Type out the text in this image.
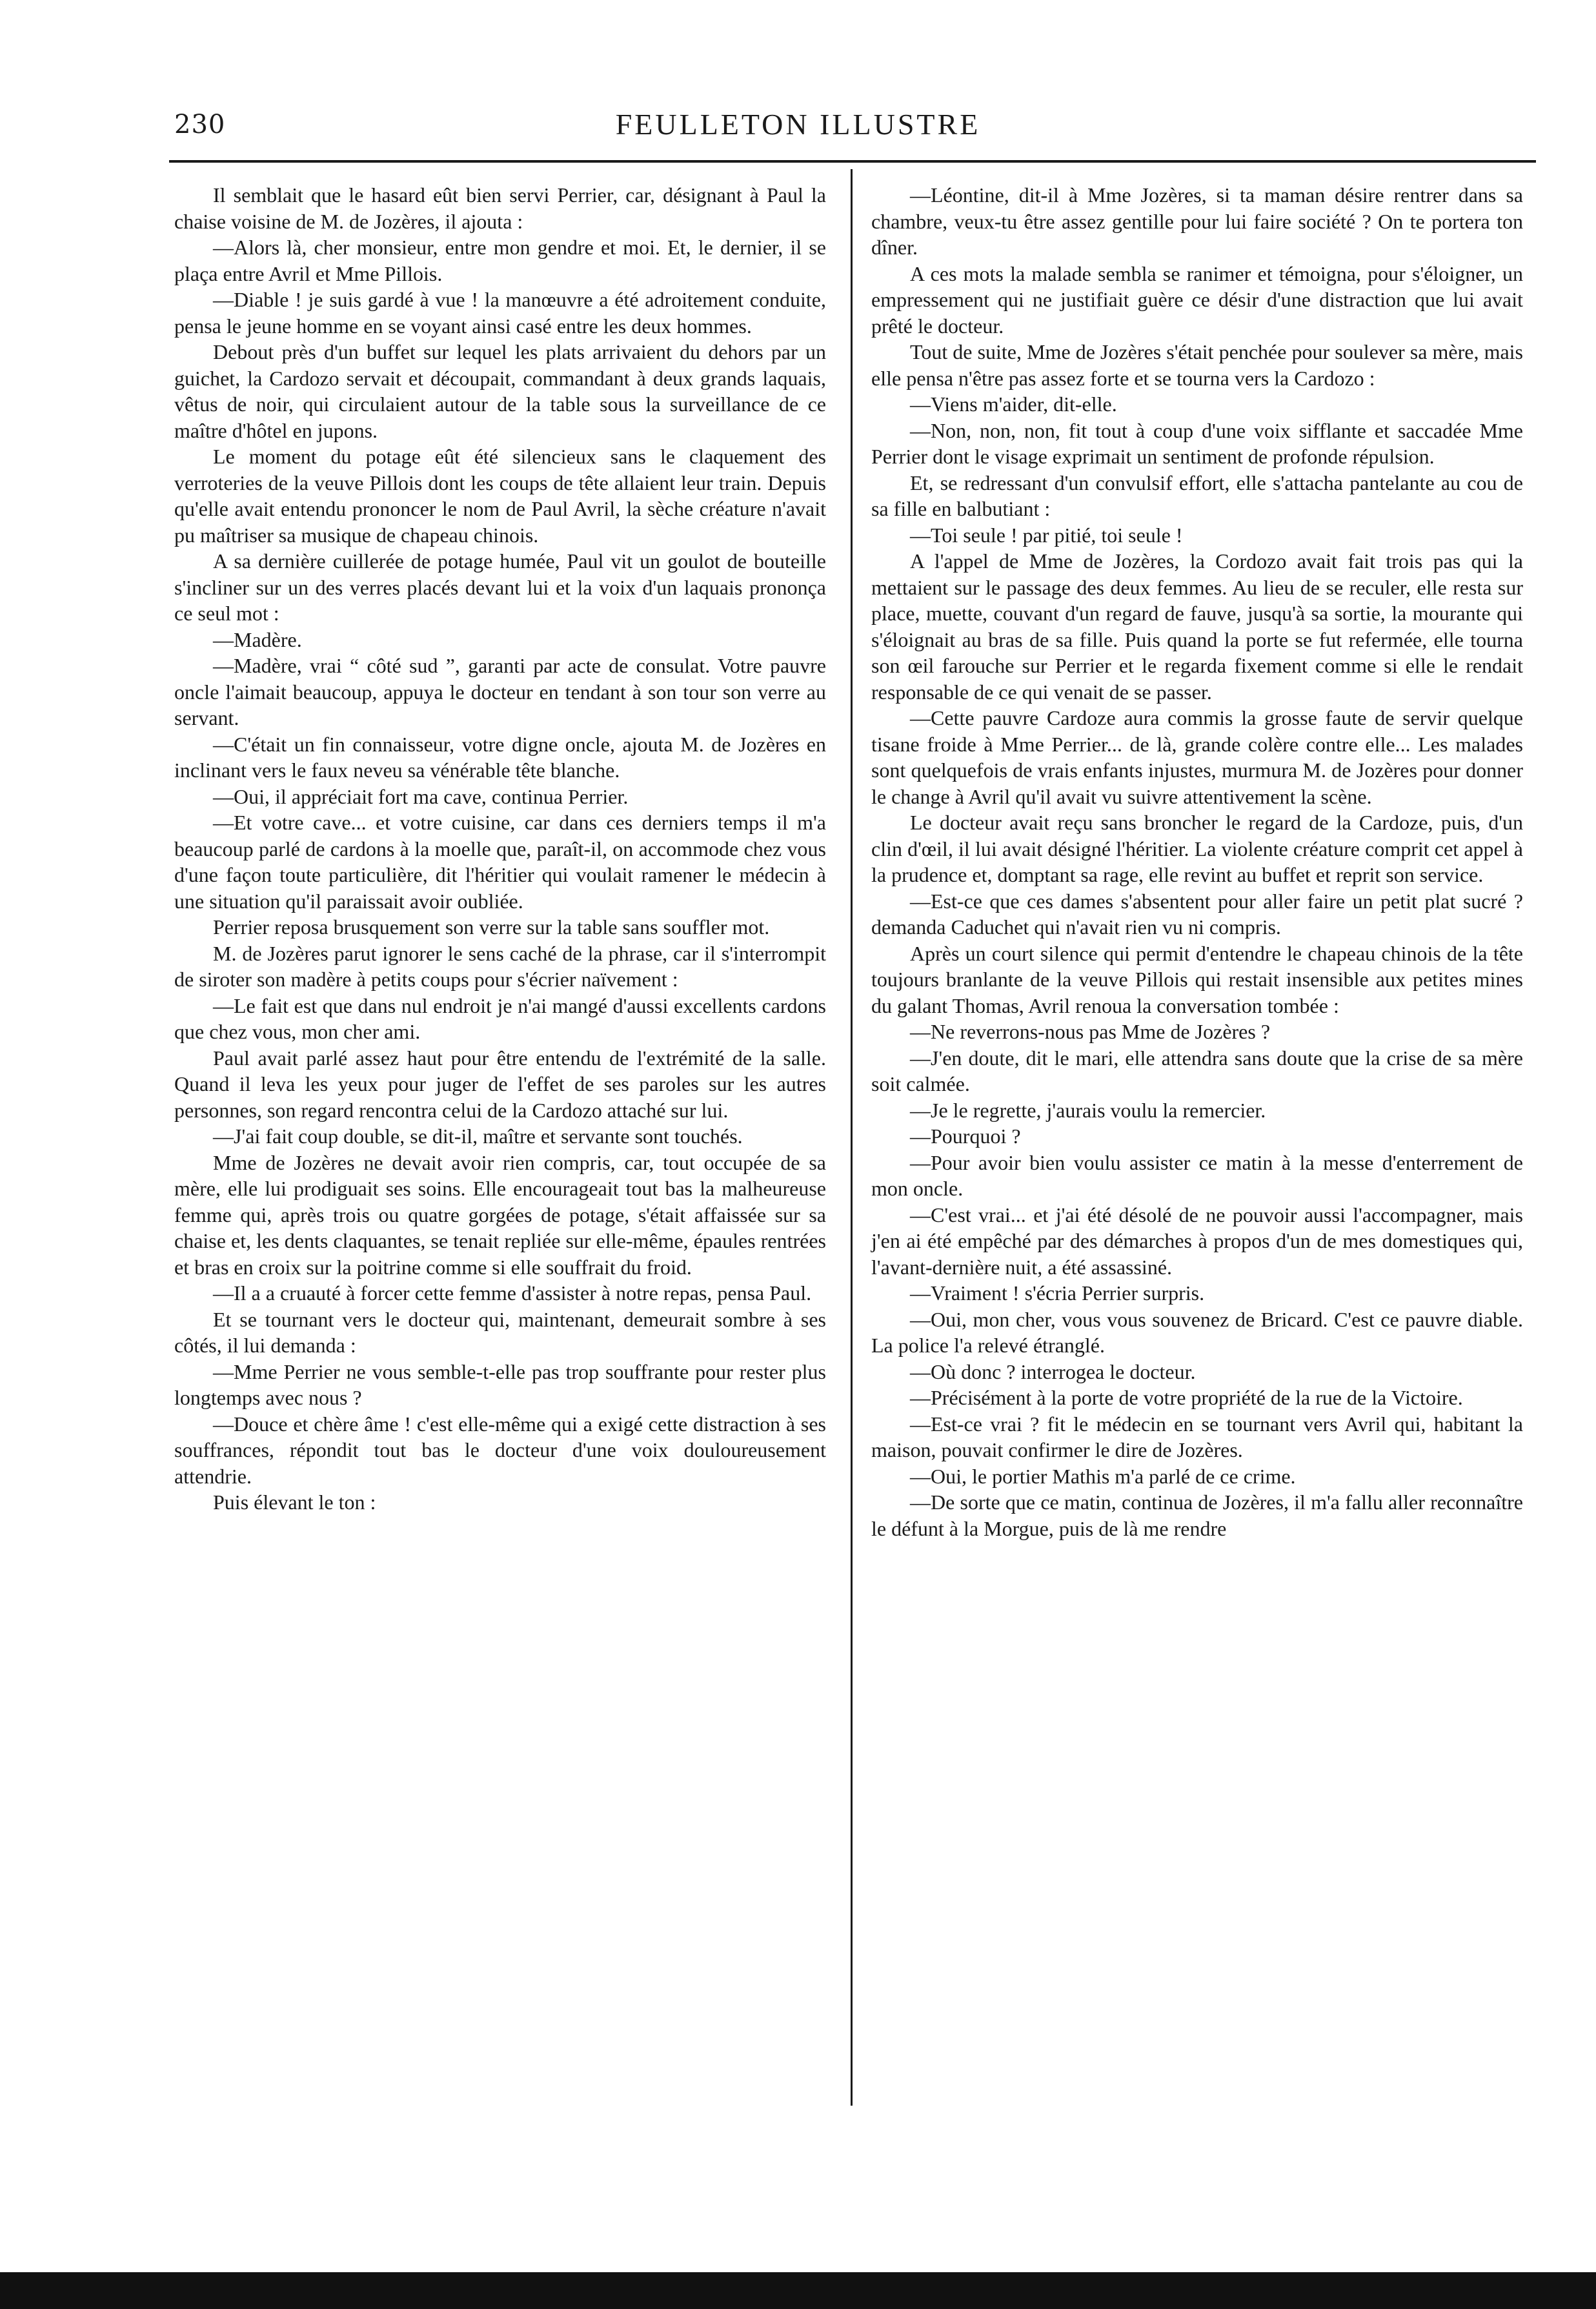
230	FEULLETON ILLUSTRE

Il semblait que le hasard eût bien servi Perrier, car, désignant à Paul la chaise voisine de M. de Jozères, il ajouta :

—Alors là, cher monsieur, entre mon gendre et moi. Et, le dernier, il se plaça entre Avril et Mme Pillois.

—Diable ! je suis gardé à vue ! la manœuvre a été adroitement conduite, pensa le jeune homme en se voyant ainsi casé entre les deux hommes.

Debout près d'un buffet sur lequel les plats arrivaient du dehors par un guichet, la Cardozo servait et découpait, commandant à deux grands laquais, vêtus de noir, qui circulaient autour de la table sous la surveillance de ce maître d'hôtel en jupons.

Le moment du potage eût été silencieux sans le claquement des verroteries de la veuve Pillois dont les coups de tête allaient leur train. Depuis qu'elle avait entendu prononcer le nom de Paul Avril, la sèche créature n'avait pu maîtriser sa musique de chapeau chinois.

A sa dernière cuillerée de potage humée, Paul vit un goulot de bouteille s'incliner sur un des verres placés devant lui et la voix d'un laquais prononça ce seul mot :

—Madère.

—Madère, vrai “ côté sud ”, garanti par acte de consulat. Votre pauvre oncle l'aimait beaucoup, appuya le docteur en tendant à son tour son verre au servant.

—C'était un fin connaisseur, votre digne oncle, ajouta M. de Jozères en inclinant vers le faux neveu sa vénérable tête blanche.

—Oui, il appréciait fort ma cave, continua Perrier.

—Et votre cave... et votre cuisine, car dans ces derniers temps il m'a beaucoup parlé de cardons à la moelle que, paraît-il, on accommode chez vous d'une façon toute particulière, dit l'héritier qui voulait ramener le médecin à une situation qu'il paraissait avoir oubliée.

Perrier reposa brusquement son verre sur la table sans souffler mot.

M. de Jozères parut ignorer le sens caché de la phrase, car il s'interrompit de siroter son madère à petits coups pour s'écrier naïvement :

—Le fait est que dans nul endroit je n'ai mangé d'aussi excellents cardons que chez vous, mon cher ami.

Paul avait parlé assez haut pour être entendu de l'extrémité de la salle. Quand il leva les yeux pour juger de l'effet de ses paroles sur les autres personnes, son regard rencontra celui de la Cardozo attaché sur lui.

—J'ai fait coup double, se dit-il, maître et servante sont touchés.

Mme de Jozères ne devait avoir rien compris, car, tout occupée de sa mère, elle lui prodiguait ses soins. Elle encourageait tout bas la malheureuse femme qui, après trois ou quatre gorgées de potage, s'était affaissée sur sa chaise et, les dents claquantes, se tenait repliée sur elle-même, épaules rentrées et bras en croix sur la poitrine comme si elle souffrait du froid.

—Il a a cruauté à forcer cette femme d'assister à notre repas, pensa Paul.

Et se tournant vers le docteur qui, maintenant, demeurait sombre à ses côtés, il lui demanda :

—Mme Perrier ne vous semble-t-elle pas trop souffrante pour rester plus longtemps avec nous ?

—Douce et chère âme ! c'est elle-même qui a exigé cette distraction à ses souffrances, répondit tout bas le docteur d'une voix douloureusement attendrie.

Puis élevant le ton :

—Léontine, dit-il à Mme Jozères, si ta maman désire rentrer dans sa chambre, veux-tu être assez gentille pour lui faire société ? On te portera ton dîner.

A ces mots la malade sembla se ranimer et témoigna, pour s'éloigner, un empressement qui ne justifiait guère ce désir d'une distraction que lui avait prêté le docteur.

Tout de suite, Mme de Jozères s'était penchée pour soulever sa mère, mais elle pensa n'être pas assez forte et se tourna vers la Cardozo :

—Viens m'aider, dit-elle.

—Non, non, non, fit tout à coup d'une voix sifflante et saccadée Mme Perrier dont le visage exprimait un sentiment de profonde répulsion.

Et, se redressant d'un convulsif effort, elle s'attacha pantelante au cou de sa fille en balbutiant :

—Toi seule ! par pitié, toi seule !

A l'appel de Mme de Jozères, la Cordozo avait fait trois pas qui la mettaient sur le passage des deux femmes. Au lieu de se reculer, elle resta sur place, muette, couvant d'un regard de fauve, jusqu'à sa sortie, la mourante qui s'éloignait au bras de sa fille. Puis quand la porte se fut refermée, elle tourna son œil farouche sur Perrier et le regarda fixement comme si elle le rendait responsable de ce qui venait de se passer.

—Cette pauvre Cardoze aura commis la grosse faute de servir quelque tisane froide à Mme Perrier... de là, grande colère contre elle... Les malades sont quelquefois de vrais enfants injustes, murmura M. de Jozères pour donner le change à Avril qu'il avait vu suivre attentivement la scène.

Le docteur avait reçu sans broncher le regard de la Cardoze, puis, d'un clin d'œil, il lui avait désigné l'héritier. La violente créature comprit cet appel à la prudence et, domptant sa rage, elle revint au buffet et reprit son service.

—Est-ce que ces dames s'absentent pour aller faire un petit plat sucré ? demanda Caduchet qui n'avait rien vu ni compris.

Après un court silence qui permit d'entendre le chapeau chinois de la tête toujours branlante de la veuve Pillois qui restait insensible aux petites mines du galant Thomas, Avril renoua la conversation tombée :

—Ne reverrons-nous pas Mme de Jozères ?

—J'en doute, dit le mari, elle attendra sans doute que la crise de sa mère soit calmée.

—Je le regrette, j'aurais voulu la remercier.

—Pourquoi ?

—Pour avoir bien voulu assister ce matin à la messe d'enterrement de mon oncle.

—C'est vrai... et j'ai été désolé de ne pouvoir aussi l'accompagner, mais j'en ai été empêché par des démarches à propos d'un de mes domestiques qui, l'avant-dernière nuit, a été assassiné.

—Vraiment ! s'écria Perrier surpris.

—Oui, mon cher, vous vous souvenez de Bricard. C'est ce pauvre diable. La police l'a relevé étranglé.

—Où donc ? interrogea le docteur.

—Précisément à la porte de votre propriété de la rue de la Victoire.

—Est-ce vrai ? fit le médecin en se tournant vers Avril qui, habitant la maison, pouvait confirmer le dire de Jozères.

—Oui, le portier Mathis m'a parlé de ce crime.

—De sorte que ce matin, continua de Jozères, il m'a fallu aller reconnaître le défunt à la Morgue, puis de là me rendre
